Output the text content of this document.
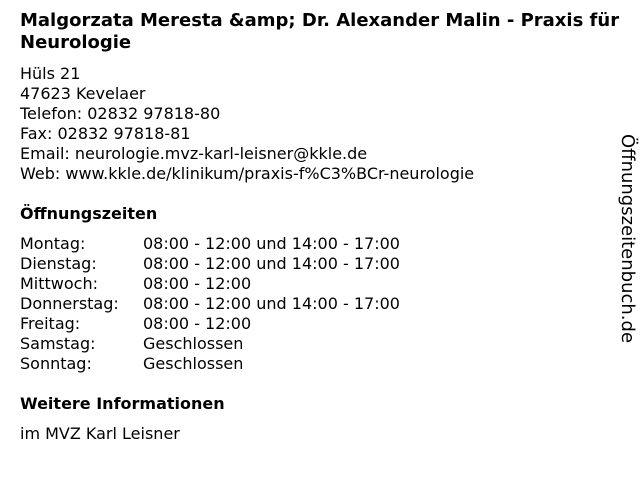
Malgorzata Meresta &amp; Dr. Alexander Malin - Praxis für Neurologie
Hüls 21
47623 Kevelaer
Telefon: 02832 97818-80
Fax: 02832 97818-81
Email: neurologie.mvz-karl-leisner@kkle.de
Web: www.kkle.de/klinikum/praxis-f%C3%BCr-neurologie
Öffnungszeiten
Montag:	08:00 - 12:00 und 14:00 - 17:00
Dienstag:	08:00 - 12:00 und 14:00 - 17:00
Mittwoch:	08:00 - 12:00
Donnerstag:	08:00 - 12:00 und 14:00 - 17:00
Freitag:	08:00 - 12:00
Samstag:	Geschlossen
Sonntag:	Geschlossen
Weitere Informationen
im MVZ Karl Leisner
Öffnungszeitenbuch.de
